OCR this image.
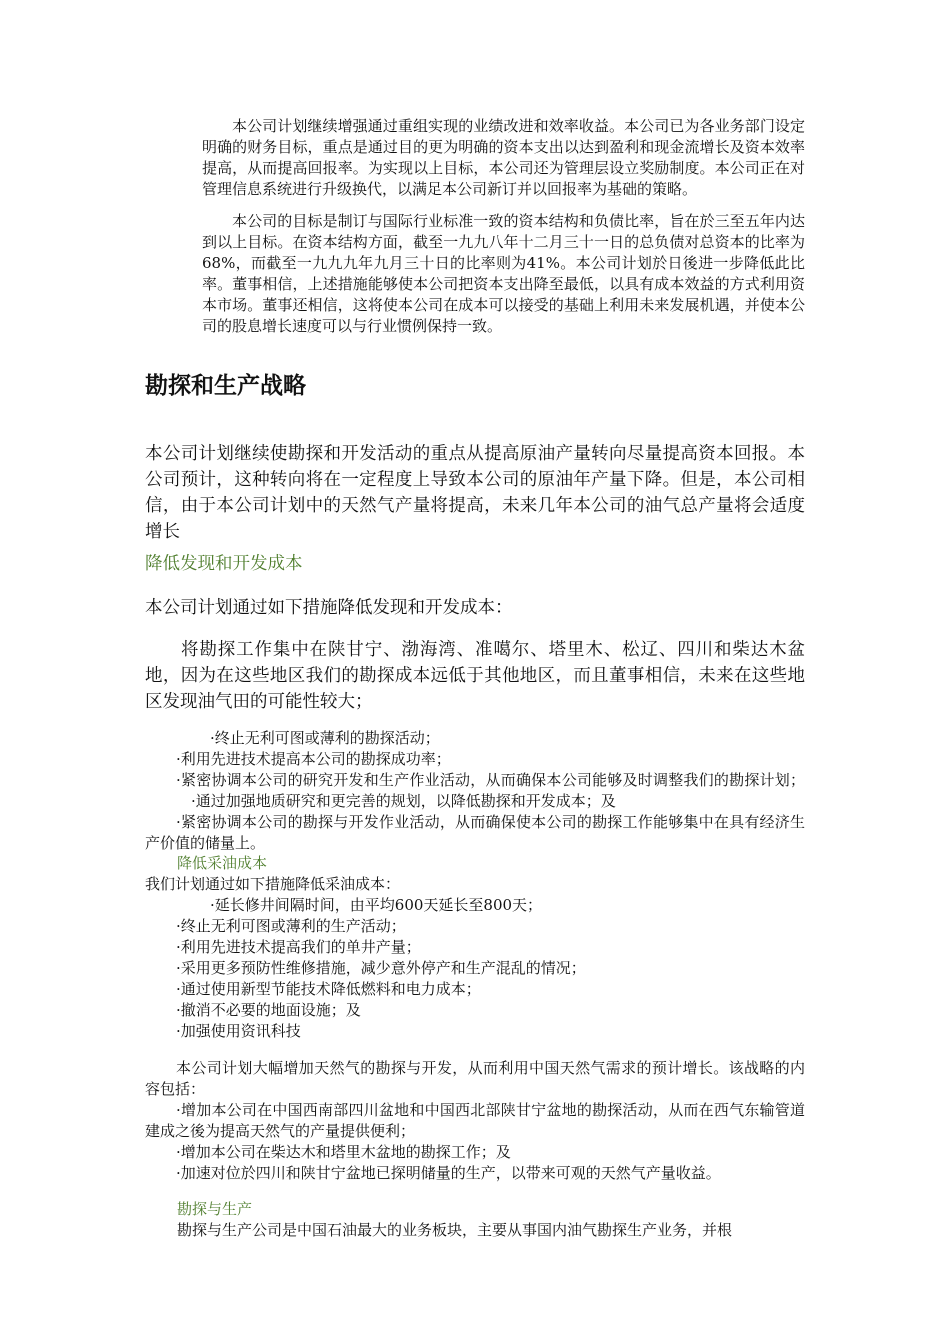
本公司计划继续增强通过重组实现的业绩改进和效率收益。本公司已为各业务部门设定明确的财务目标，重点是通过目的更为明确的资本支出以达到盈利和现金流增长及资本效率提高，从而提高回报率。为实现以上目标，本公司还为管理层设立奖励制度。本公司正在对管理信息系统进行升级换代，以满足本公司新订并以回报率为基础的策略。

本公司的目标是制订与国际行业标准一致的资本结构和负债比率，旨在於三至五年内达到以上目标。在资本结构方面，截至一九九八年十二月三十一日的总负债对总资本的比率为68%，而截至一九九九年九月三十日的比率则为41%。本公司计划於日後进一步降低此比率。董事相信，上述措施能够使本公司把资本支出降至最低，以具有成本效益的方式利用资本市场。董事还相信，这将使本公司在成本可以接受的基础上利用未来发展机遇，并使本公司的股息增长速度可以与行业惯例保持一致。

勘探和生产战略

本公司计划继续使勘探和开发活动的重点从提高原油产量转向尽量提高资本回报。本公司预计，这种转向将在一定程度上导致本公司的原油年产量下降。但是，本公司相信，由于本公司计划中的天然气产量将提高，未来几年本公司的油气总产量将会适度增长

降低发现和开发成本
本公司计划通过如下措施降低发现和开发成本：

将勘探工作集中在陕甘宁、渤海湾、准噶尔、塔里木、松辽、四川和柴达木盆地，因为在这些地区我们的勘探成本远低于其他地区，而且董事相信，未来在这些地区发现油气田的可能性较大；

·终止无利可图或薄利的勘探活动；
·利用先进技术提高本公司的勘探成功率；

·紧密协调本公司的研究开发和生产作业活动，从而确保本公司能够及时调整我们的勘探计划；·通过加强地质研究和更完善的规划，以降低勘探和开发成本；及

·紧密协调本公司的勘探与开发作业活动，从而确保使本公司的勘探工作能够集中在具有经济生产价值的储量上。

降低采油成本
我们计划通过如下措施降低采油成本：
·延长修井间隔时间，由平均600天延长至800天；
·终止无利可图或薄利的生产活动；
·利用先进技术提高我们的单井产量；
·采用更多预防性维修措施，减少意外停产和生产混乱的情况；
·通过使用新型节能技术降低燃料和电力成本；
·撤消不必要的地面设施；及
·加强使用资讯科技

本公司计划大幅增加天然气的勘探与开发，从而利用中国天然气需求的预计增长。该战略的内容包括：

·增加本公司在中国西南部四川盆地和中国西北部陕甘宁盆地的勘探活动，从而在西气东输管道建成之後为提高天然气的产量提供便利；

·增加本公司在柴达木和塔里木盆地的勘探工作；及
·加速对位於四川和陕甘宁盆地已探明储量的生产，以带来可观的天然气产量收益。
勘探与生产
勘探与生产公司是中国石油最大的业务板块，主要从事国内油气勘探生产业务，并根
